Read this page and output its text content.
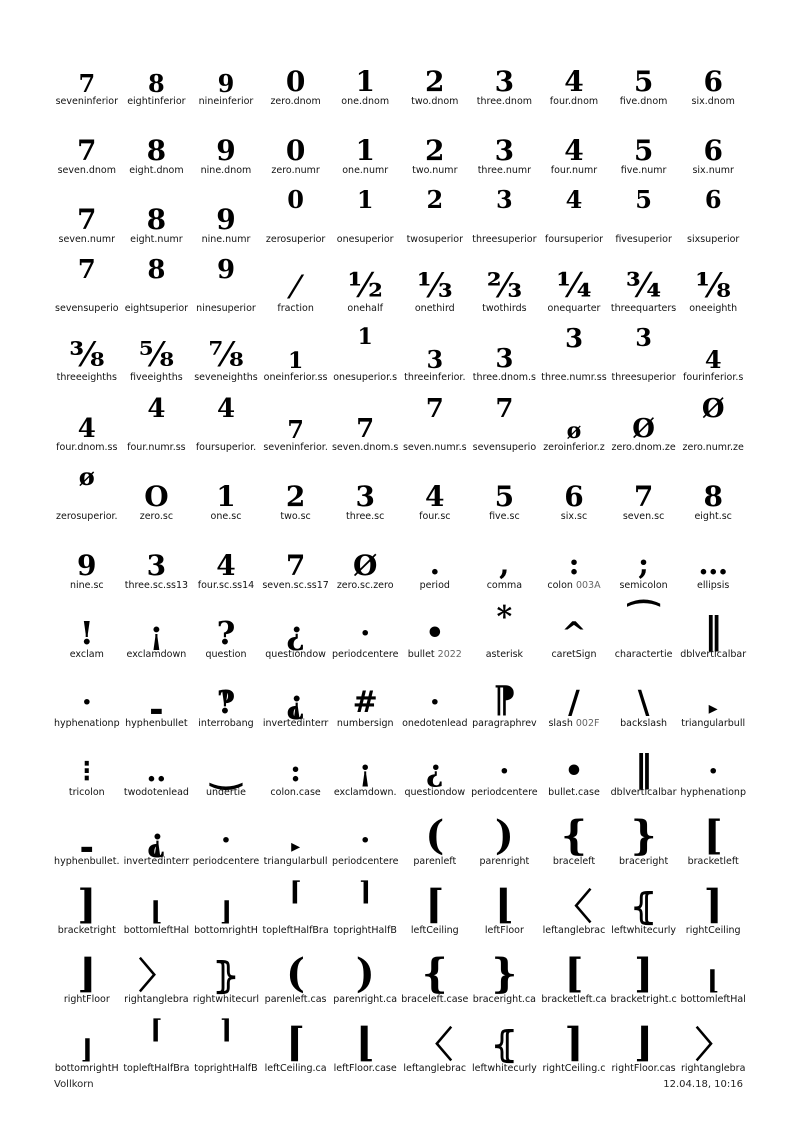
7
seveninferior
8
eightinferior
9
nineinferior
0
zero.dnom
1
one.dnom
2
two.dnom
3
three.dnom
4
four.dnom
5
five.dnom
6
six.dnom
7
seven.dnom
8
eight.dnom
9
nine.dnom
0
zero.numr
1
one.numr
2
two.numr
3
three.numr
4
four.numr
5
five.numr
6
six.numr
7
seven.numr
8
eight.numr
9
nine.numr
0
zerosuperior
1
onesuperior
2
twosuperior
3
threesuperior
4
foursuperior
5
fivesuperior
6
sixsuperior
7
sevensuperio
8
eightsuperior
9
ninesuperior
⁄
fraction
½
onehalf
⅓
onethird
⅔
twothirds
¼
onequarter
¾
threequarters
⅛
oneeighth
⅜
threeeighths
⅝
fiveeighths
⅞
seveneighths
1
oneinferior.ss
1
onesuperior.s
3
threeinferior.
3
three.dnom.s
3
three.numr.ss
3
threesuperior
4
fourinferior.s
4
four.dnom.ss
4
four.numr.ss
4
foursuperior.
7
seveninferior.
7
seven.dnom.s
7
seven.numr.s
7
sevensuperio
ø
zeroinferior.z
Ø
zero.dnom.ze
Ø
zero.numr.ze
ø
zerosuperior.
O
zero.sc
1
one.sc
2
two.sc
3
three.sc
4
four.sc
5
five.sc
6
six.sc
7
seven.sc
8
eight.sc
9
nine.sc
3
three.sc.ss13
4
four.sc.ss14
7
seven.sc.ss17
Ø
zero.sc.zero
.
period
,
comma
:
colon 003A
;
semicolon
…
ellipsis
!
exclam
¡
exclamdown
?
question
¿
questiondow
·
periodcentere
•
bullet 2022
*
asterisk
^
caretSign
⁀
charactertie
‖
dblverticalbar
·
hyphenationp
▬
hyphenbullet
‽
interrobang
⸘
invertedinterr
#
numbersign
·
onedotenlead
⁋
paragraphrev
/
slash 002F
\
backslash
▸
triangularbull
⁝
tricolon
‥
twodotenlead
‿
undertie
:
colon.case
¡
exclamdown.
¿
questiondow
·
periodcentere
•
bullet.case
‖
dblverticalbar
·
hyphenationp
▬
hyphenbullet.
⸘
invertedinterr
·
periodcentere
▸
triangularbull
·
periodcentere
(
parenleft
)
parenright
{
braceleft
}
braceright
[
bracketleft
]
bracketright
⌊
bottomleftHal
⌋
bottomrightH
⌈
topleftHalfBra
⌉
toprightHalfB
⌈
leftCeiling
⌊
leftFloor
〈
leftanglebrac
⦃
leftwhitecurly
⌉
rightCeiling
⌋
rightFloor
〉
rightanglebra
⦄
rightwhitecurl
(
parenleft.cas
)
parenright.ca
{
braceleft.case
}
braceright.ca
[
bracketleft.ca
]
bracketright.c
⌊
bottomleftHal
⌋
bottomrightH
⌈
topleftHalfBra
⌉
toprightHalfB
⌈
leftCeiling.ca
⌊
leftFloor.case
〈
leftanglebrac
⦃
leftwhitecurly
⌉
rightCeiling.c
⌋
rightFloor.cas
〉
rightanglebra
Vollkorn	12.04.18, 10:16
